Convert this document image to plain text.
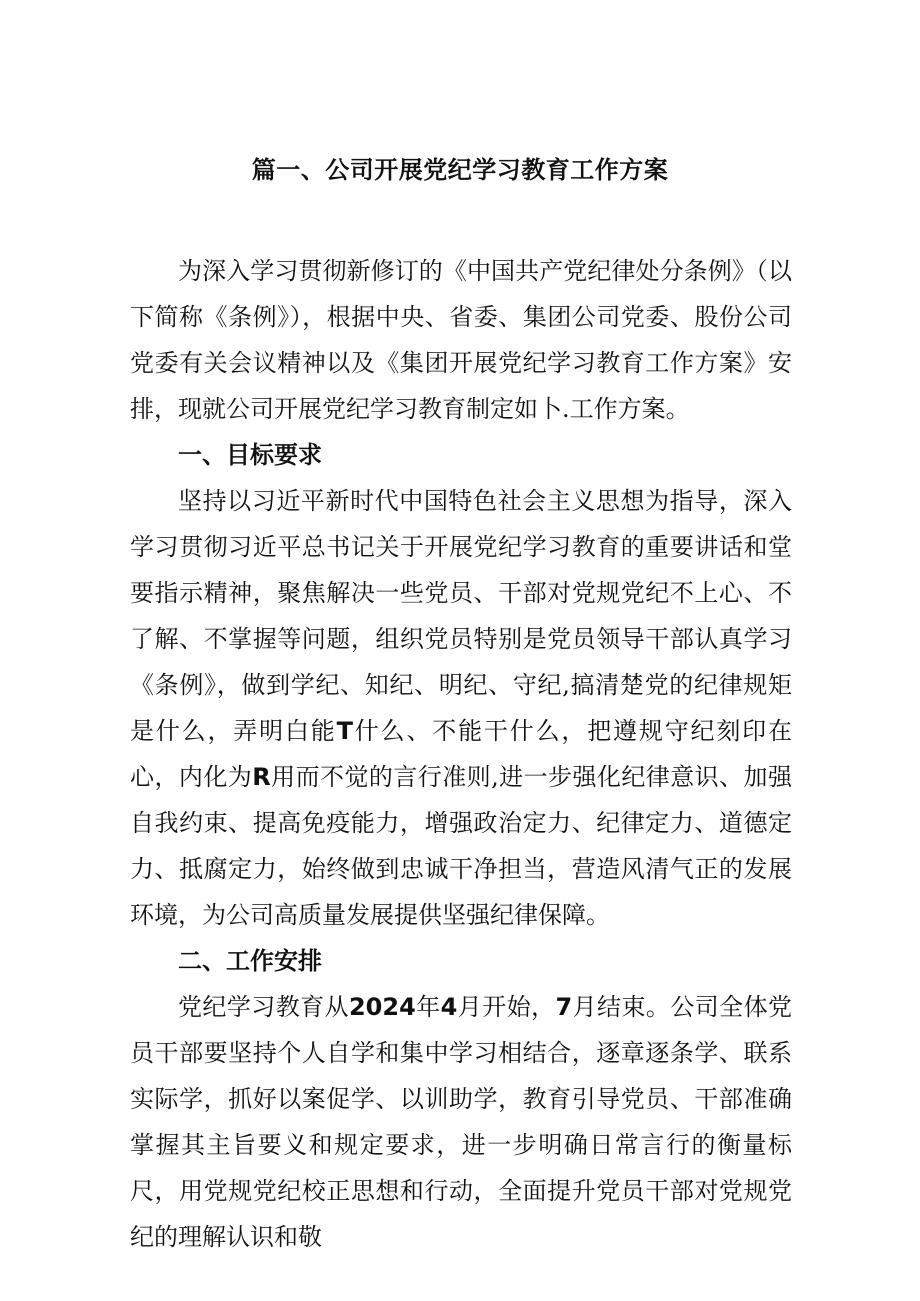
篇一、公司开展党纪学习教育工作方案

为深入学习贯彻新修订的《中国共产党纪律处分条例》（以下简称《条例》），根据中央、省委、集团公司党委、股份公司党委有关会议精神以及《集团开展党纪学习教育工作方案》安排，现就公司开展党纪学习教育制定如卜.工作方案。

一、目标要求

坚持以习近平新时代中国特色社会主义思想为指导，深入学习贯彻习近平总书记关于开展党纪学习教育的重要讲话和堂要指示精神，聚焦解决一些党员、干部对党规党纪不上心、不了解、不掌握等问题，组织党员特别是党员领导干部认真学习《条例》，做到学纪、知纪、明纪、守纪,搞清楚党的纪律规矩是什么，弄明白能T什么、不能干什么，把遵规守纪刻印在心，内化为R用而不觉的言行准则,进一步强化纪律意识、加强自我约束、提高免疫能力，增强政治定力、纪律定力、道德定力、抵腐定力，始终做到忠诚干净担当，营造风清气正的发展环境，为公司高质量发展提供坚强纪律保障。

二、工作安排

党纪学习教育从2024年4月开始，7月结束。公司全体党员干部要坚持个人自学和集中学习相结合，逐章逐条学、联系实际学，抓好以案促学、以训助学，教育引导党员、干部准确掌握其主旨要义和规定要求，进一步明确日常言行的衡量标尺，用党规党纪校正思想和行动，全面提升党员干部对党规党纪的理解认识和敬
